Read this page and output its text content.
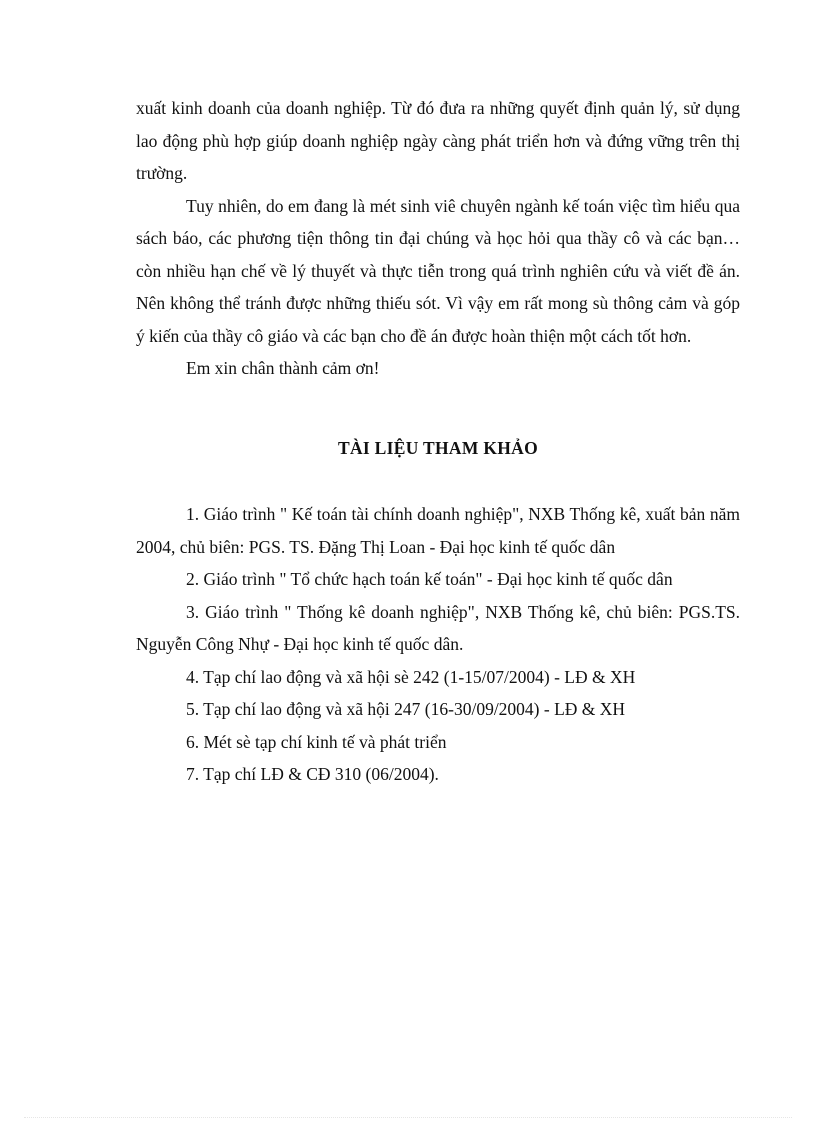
xuất kinh doanh của doanh nghiệp. Từ đó đưa ra những quyết định quản lý, sử dụng lao động phù hợp giúp doanh nghiệp ngày càng phát triển hơn và đứng vững trên thị trường.

Tuy nhiên, do em đang là mét sinh viê chuyên ngành kế toán việc tìm hiểu qua sách báo, các phương tiện thông tin đại chúng và học hỏi qua thầy cô và các bạn… còn nhiều hạn chế về lý thuyết và thực tiễn trong quá trình nghiên cứu và viết đề án. Nên không thể tránh được những thiếu sót. Vì vậy em rất mong sù thông cảm và góp ý kiến của thầy cô giáo và các bạn cho đề án được hoàn thiện một cách tốt hơn.

Em xin chân thành cảm ơn!

TÀI LIỆU THAM KHẢO
1. Giáo trình " Kế toán tài chính doanh nghiệp", NXB Thống kê, xuất bản năm 2004, chủ biên: PGS. TS. Đặng Thị Loan - Đại học kinh tế quốc dân
2. Giáo trình " Tổ chức hạch toán kế toán" - Đại học kinh tế quốc dân
3. Giáo trình " Thống kê doanh nghiệp", NXB Thống kê, chủ biên: PGS.TS. Nguyễn Công Nhự - Đại học kinh tế quốc dân.
4. Tạp chí lao động và xã hội sè 242 (1-15/07/2004) - LĐ & XH
5. Tạp chí lao động và xã hội 247 (16-30/09/2004) - LĐ & XH
6. Mét sè tạp chí kinh tế và phát triển
7. Tạp chí LĐ & CĐ 310 (06/2004).
